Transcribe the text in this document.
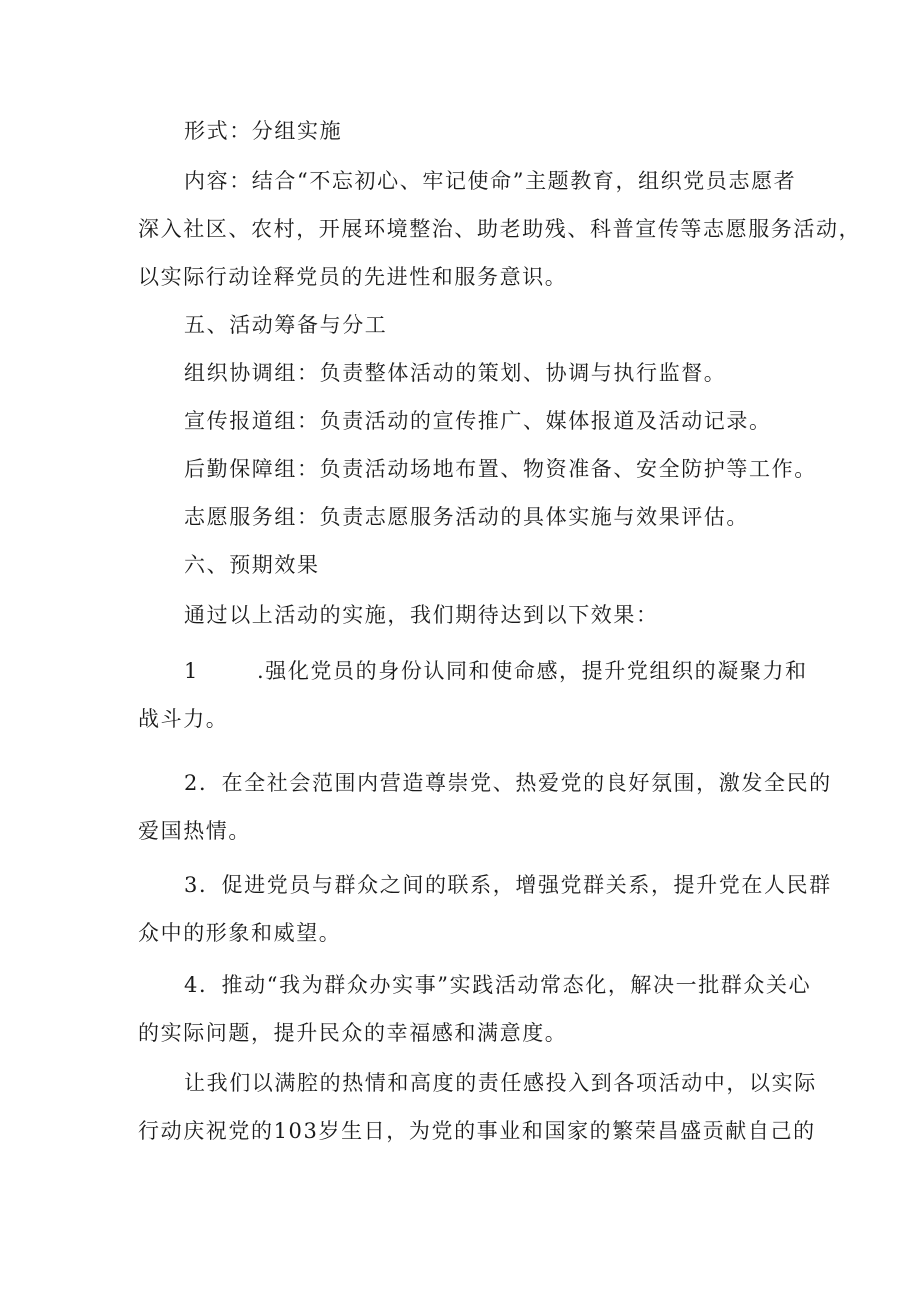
形式：分组实施
内容：结合“不忘初心、牢记使命”主题教育，组织党员志愿者
深入社区、农村，开展环境整治、助老助残、科普宣传等志愿服务活动，
以实际行动诠释党员的先进性和服务意识。
五、活动筹备与分工
组织协调组：负责整体活动的策划、协调与执行监督。
宣传报道组：负责活动的宣传推广、媒体报道及活动记录。
后勤保障组：负责活动场地布置、物资准备、安全防护等工作。
志愿服务组：负责志愿服务活动的具体实施与效果评估。
六、预期效果
通过以上活动的实施，我们期待达到以下效果：
1	.强化党员的身份认同和使命感，提升党组织的凝聚力和
战斗力。
2．在全社会范围内营造尊崇党、热爱党的良好氛围，激发全民的
爱国热情。
3．促进党员与群众之间的联系，增强党群关系，提升党在人民群
众中的形象和威望。
4．推动“我为群众办实事”实践活动常态化，解决一批群众关心
的实际问题，提升民众的幸福感和满意度。
让我们以满腔的热情和高度的责任感投入到各项活动中，以实际
行动庆祝党的103岁生日，为党的事业和国家的繁荣昌盛贡献自己的
